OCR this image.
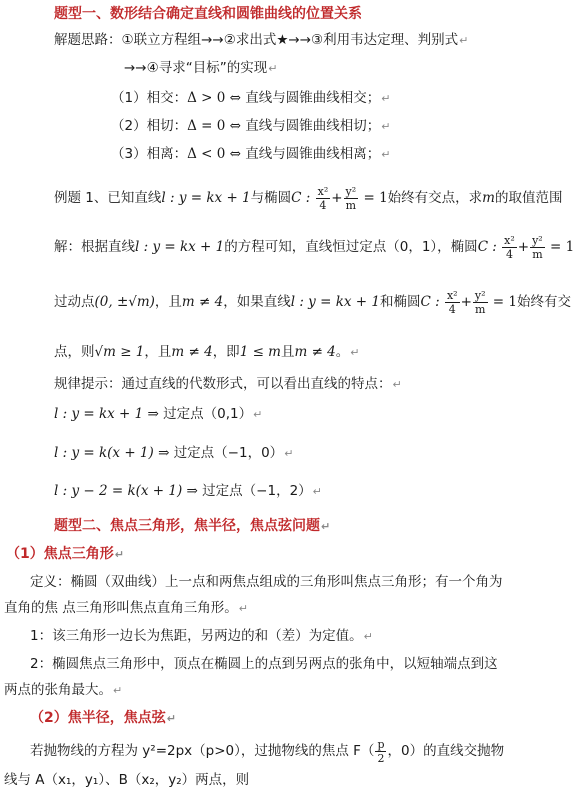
题型一、数形结合确定直线和圆锥曲线的位置关系
解题思路：①联立方程组→→②求出式★→→③利用韦达定理、判别式↵
→→④寻求“目标”的实现↵
（1）相交：Δ > 0 ⇔ 直线与圆锥曲线相交；↵
（2）相切：Δ = 0 ⇔ 直线与圆锥曲线相切；↵
（3）相离：Δ < 0 ⇔ 直线与圆锥曲线相离；↵
例题 1、已知直线l : y = kx + 1与椭圆C : $\frac{\text{x²}}{4} + \frac{\text{y²}}{m} = 1$始终有交点，求m的取值范围
解：根据直线l : y = kx + 1的方程可知，直线恒过定点（0，1），椭圆C : $\frac{\text{x²}}{4} + \frac{\text{y²}}{m} = 1$
过动点(0, ±√m)，且m ≠ 4，如果直线l : y = kx + 1和椭圆C : $\frac{\text{x²}}{4} + \frac{\text{y²}}{m} = 1$始终有交
点，则√m ≥ 1，且m ≠ 4，即1 ≤ m且m ≠ 4。↵
规律提示：通过直线的代数形式，可以看出直线的特点：↵
l : y = kx + 1 ⇒ 过定点（0,1）↵
l : y = k(x + 1) ⇒ 过定点（−1，0）↵
l : y − 2 = k(x + 1) ⇒ 过定点（−1，2）↵
题型二、焦点三角形，焦半径，焦点弦问题↵
（1）焦点三角形↵
定义：椭圆（双曲线）上一点和两焦点组成的三角形叫焦点三角形；有一个角为
直角的焦 点三角形叫焦点直角三角形。↵
1：该三角形一边长为焦距，另两边的和（差）为定值。↵
2：椭圆焦点三角形中，顶点在椭圆上的点到另两点的张角中，以短轴端点到这
两点的张角最大。↵
（2）焦半径，焦点弦↵
若抛物线的方程为 y²=2px（p>0），过抛物线的焦点 $F( \frac{p}{2}$ ，0）的直线交抛物
线与 A（x₁，y₁）、B（x₂，y₂）两点，则
